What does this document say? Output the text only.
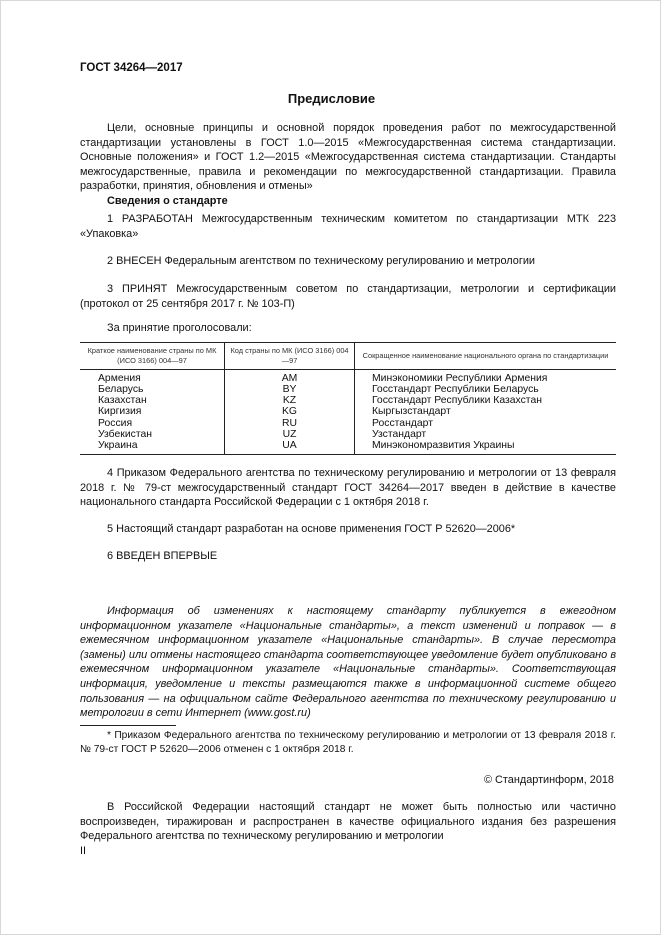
ГОСТ 34264—2017
Предисловие
Цели, основные принципы и основной порядок проведения работ по межгосударственной стандартизации установлены в ГОСТ 1.0—2015 «Межгосударственная система стандартизации. Основные положения» и ГОСТ 1.2—2015 «Межгосударственная система стандартизации. Стандарты межгосударственные, правила и рекомендации по межгосударственной стандартизации. Правила разработки, принятия, обновления и отмены»
Сведения о стандарте
1 РАЗРАБОТАН Межгосударственным техническим комитетом по стандартизации МТК 223 «Упаковка»
2 ВНЕСЕН Федеральным агентством по техническому регулированию и метрологии
3 ПРИНЯТ Межгосударственным советом по стандартизации, метрологии и сертификации (протокол от 25 сентября 2017 г. № 103-П)
За принятие проголосовали:
Краткое наименование страны по МК (ИСО 3166) 004—97	Код страны по МК (ИСО 3166) 004—97	Сокращенное наименование национального органа по стандартизации
Армения	AM	Минэкономики Республики Армения
Беларусь	BY	Госстандарт Республики Беларусь
Казахстан	KZ	Госстандарт Республики Казахстан
Киргизия	KG	Кыргызстандарт
Россия	RU	Росстандарт
Узбекистан	UZ	Узстандарт
Украина	UA	Минэкономразвития Украины
4 Приказом Федерального агентства по техническому регулированию и метрологии от 13 февраля 2018 г. № 79-ст межгосударственный стандарт ГОСТ 34264—2017 введен в действие в качестве национального стандарта Российской Федерации с 1 октября 2018 г.
5 Настоящий стандарт разработан на основе применения ГОСТ Р 52620—2006*
6 ВВЕДЕН ВПЕРВЫЕ
Информация об изменениях к настоящему стандарту публикуется в ежегодном информационном указателе «Национальные стандарты», а текст изменений и поправок — в ежемесячном информационном указателе «Национальные стандарты». В случае пересмотра (замены) или отмены настоящего стандарта соответствующее уведомление будет опубликовано в ежемесячном информационном указателе «Национальные стандарты». Соответствующая информация, уведомление и тексты размещаются также в информационной системе общего пользования — на официальном сайте Федерального агентства по техническому регулированию и метрологии в сети Интернет (www.gost.ru)
* Приказом Федерального агентства по техническому регулированию и метрологии от 13 февраля 2018 г. № 79-ст ГОСТ Р 52620—2006 отменен с 1 октября 2018 г.
© Стандартинформ, 2018
В Российской Федерации настоящий стандарт не может быть полностью или частично воспроизведен, тиражирован и распространен в качестве официального издания без разрешения Федерального агентства по техническому регулированию и метрологии
II
